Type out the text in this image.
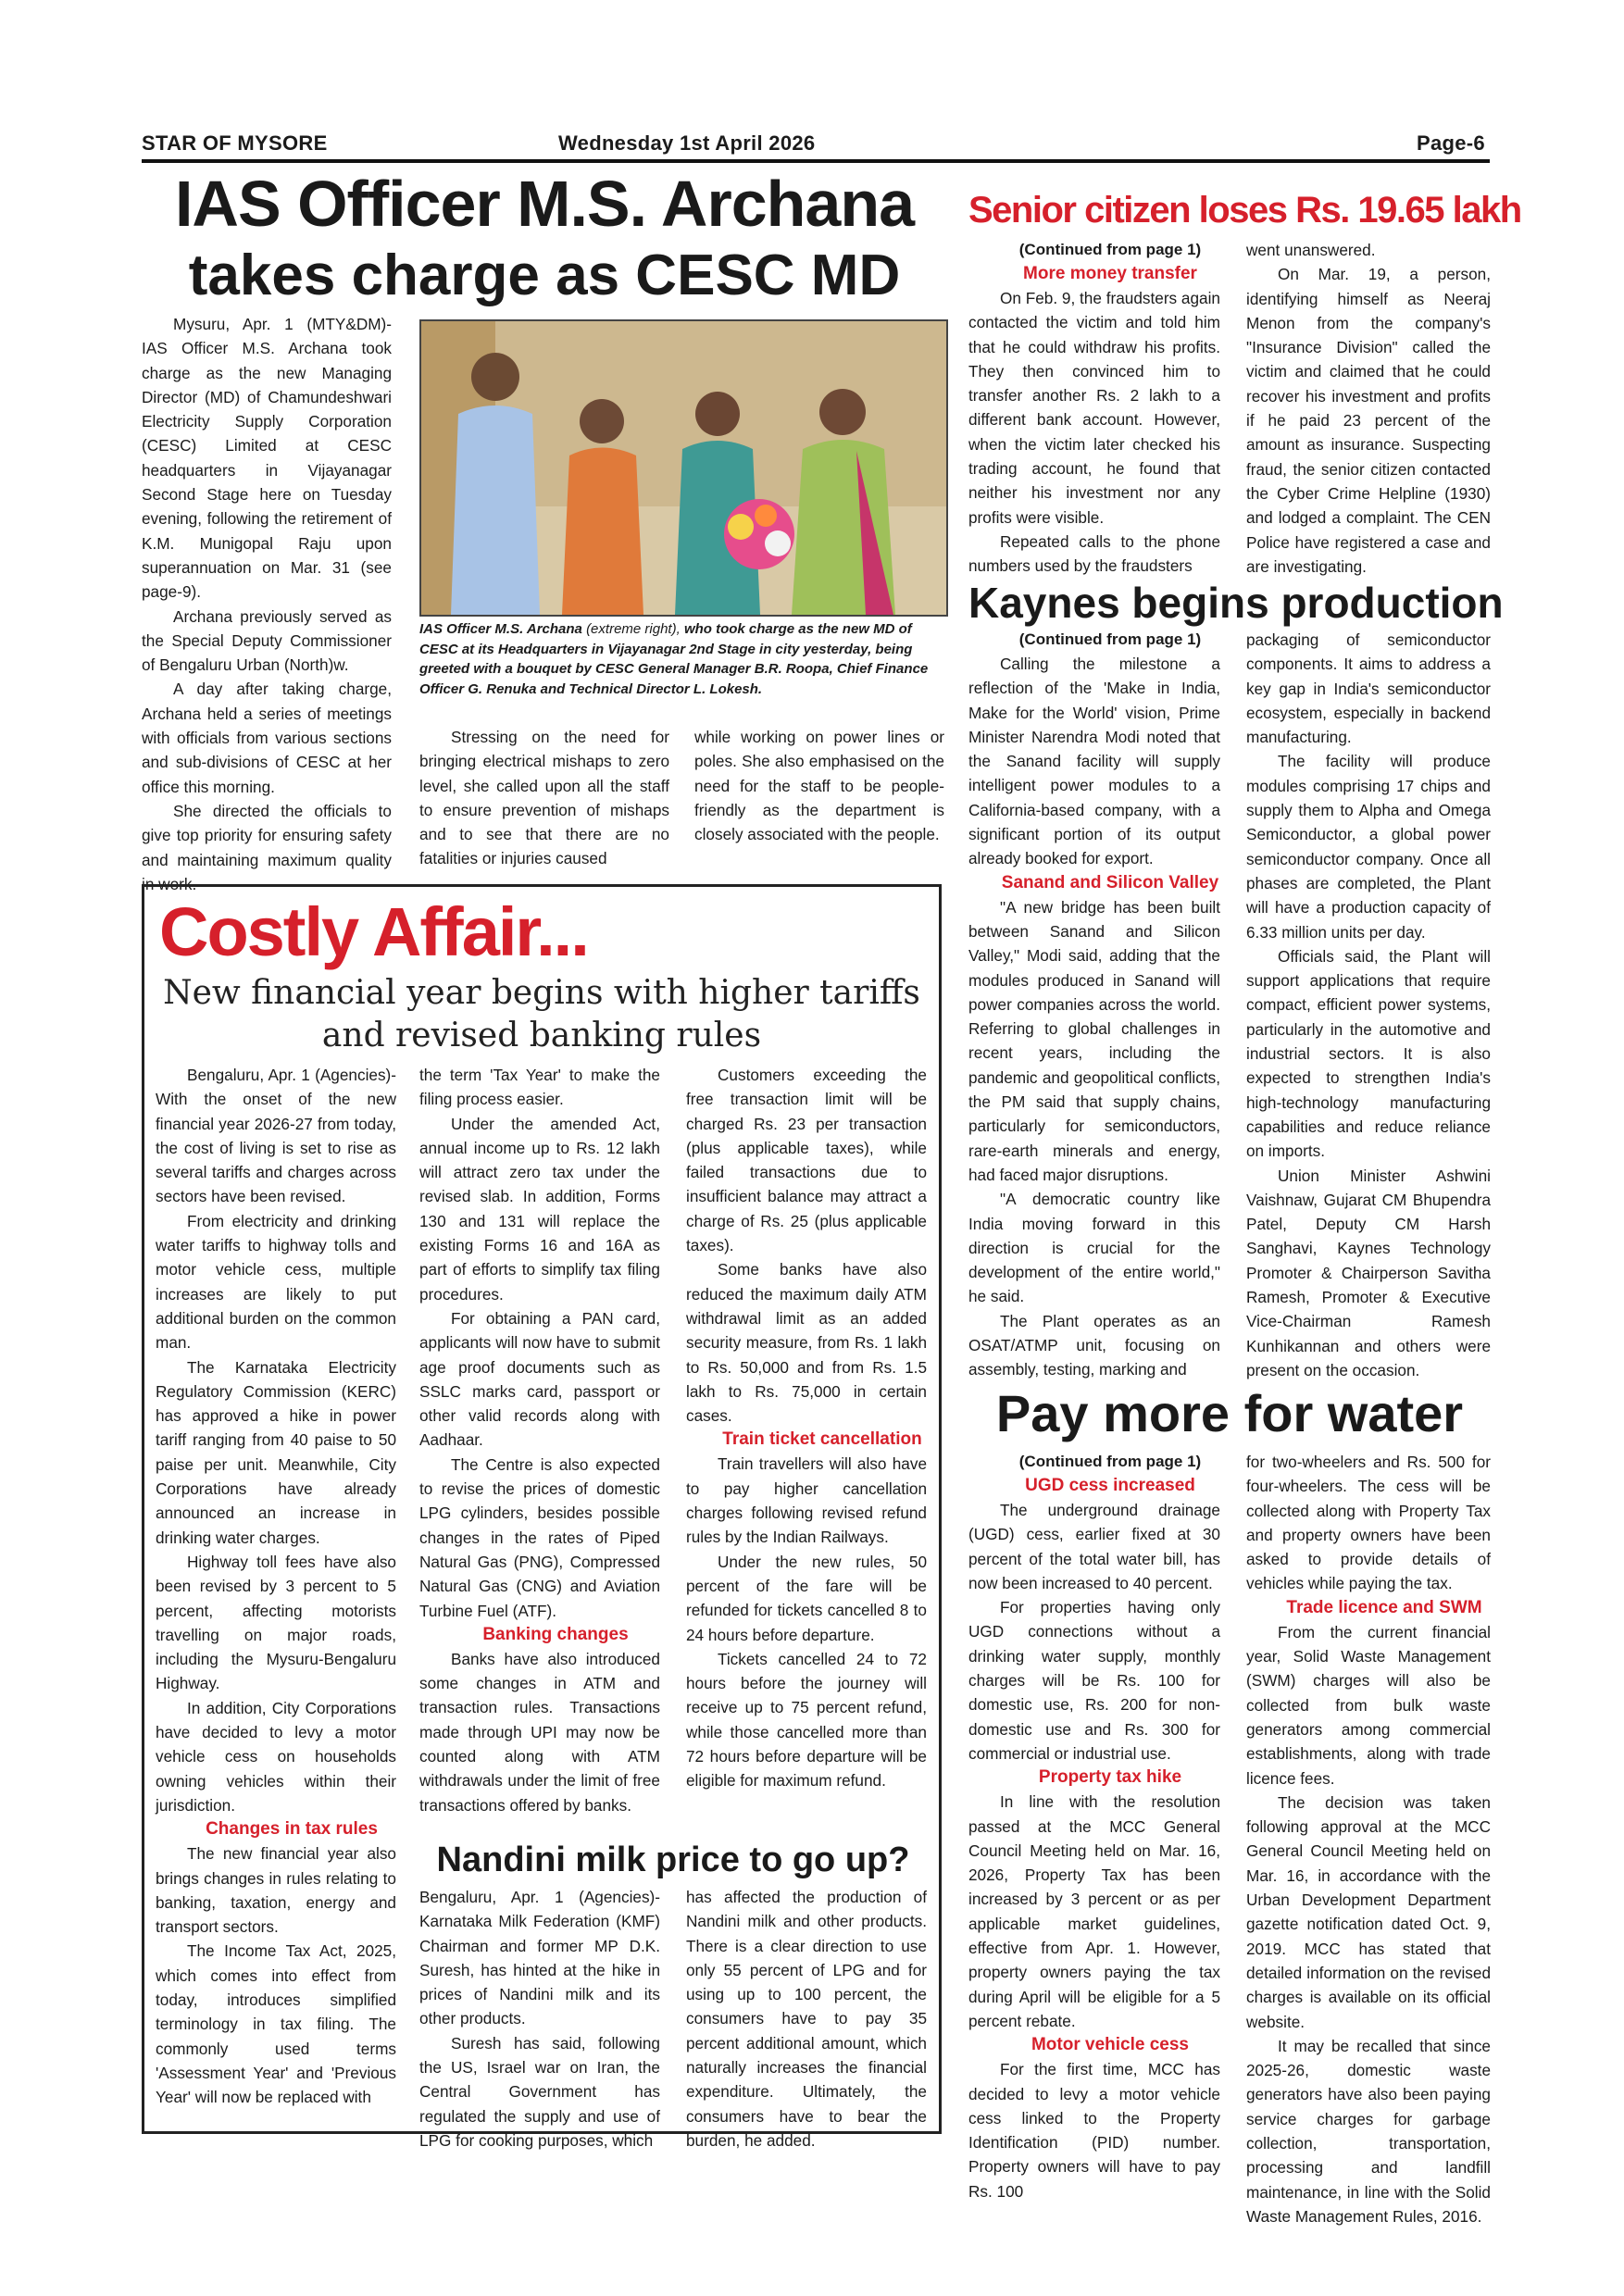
STAR OF MYSORE	Wednesday 1st April 2026	Page-6
IAS Officer M.S. Archana
takes charge as CESC MD

Mysuru, Apr. 1 (MTY&DM)- IAS Officer M.S. Archana took charge as the new Managing Director (MD) of Chamundeshwari Electricity Supply Corporation (CESC) Limited at CESC headquarters in Vijayanagar Second Stage here on Tuesday evening, following the retirement of K.M. Munigopal Raju upon superannuation on Mar. 31 (see page-9).

Archana previously served as the Special Deputy Commissioner of Bengaluru Urban (North)w.

A day after taking charge, Archana held a series of meetings with officials from various sections and sub-divisions of CESC at her office this morning.

She directed the officials to give top priority for ensuring safety and maintaining maximum quality in work.

IAS Officer M.S. Archana (extreme right), who took charge as the new MD of CESC at its Headquarters in Vijayanagar 2nd Stage in city yesterday, being greeted with a bouquet by CESC General Manager B.R. Roopa, Chief Finance Officer G. Renuka and Technical Director L. Lokesh.

Stressing on the need for bringing electrical mishaps to zero level, she called upon all the staff to ensure prevention of mishaps and to see that there are no fatalities or injuries caused

while working on power lines or poles. She also emphasised on the need for the staff to be people-friendly as the department is closely associated with the people.

Senior citizen loses Rs. 19.65 lakh

(Continued from page 1)

More money transfer

On Feb. 9, the fraudsters again contacted the victim and told him that he could withdraw his profits. They then convinced him to transfer another Rs. 2 lakh to a different bank account. However, when the victim later checked his trading account, he found that neither his investment nor any profits were visible.

Repeated calls to the phone numbers used by the fraudsters

went unanswered.

On Mar. 19, a person, identifying himself as Neeraj Menon from the company's "Insurance Division" called the victim and claimed that he could recover his investment and profits if he paid 23 percent of the amount as insurance. Suspecting fraud, the senior citizen contacted the Cyber Crime Helpline (1930) and lodged a complaint. The CEN Police have registered a case and are investigating.

Kaynes begins production

(Continued from page 1)

Calling the milestone a reflection of the 'Make in India, Make for the World' vision, Prime Minister Narendra Modi noted that the Sanand facility will supply intelligent power modules to a California-based company, with a significant portion of its output already booked for export.

Sanand and Silicon Valley

"A new bridge has been built between Sanand and Silicon Valley," Modi said, adding that the modules produced in Sanand will power companies across the world. Referring to global challenges in recent years, including the pandemic and geopolitical conflicts, the PM said that supply chains, particularly for semiconductors, rare-earth minerals and energy, had faced major disruptions.

"A democratic country like India moving forward in this direction is crucial for the development of the entire world," he said.

The Plant operates as an OSAT/ATMP unit, focusing on assembly, testing, marking and

packaging of semiconductor components. It aims to address a key gap in India's semiconductor ecosystem, especially in backend manufacturing.

The facility will produce modules comprising 17 chips and supply them to Alpha and Omega Semiconductor, a global power semiconductor company. Once all phases are completed, the Plant will have a production capacity of 6.33 million units per day.

Officials said, the Plant will support applications that require compact, efficient power systems, particularly in the automotive and industrial sectors. It is also expected to strengthen India's high-technology manufacturing capabilities and reduce reliance on imports.

Union Minister Ashwini Vaishnaw, Gujarat CM Bhupendra Patel, Deputy CM Harsh Sanghavi, Kaynes Technology Promoter & Chairperson Savitha Ramesh, Promoter & Executive Vice-Chairman Ramesh Kunhikannan and others were present on the occasion.

Pay more for water

(Continued from page 1)

UGD cess increased

The underground drainage (UGD) cess, earlier fixed at 30 percent of the total water bill, has now been increased to 40 percent.

For properties having only UGD connections without a drinking water supply, monthly charges will be Rs. 100 for domestic use, Rs. 200 for non-domestic use and Rs. 300 for commercial or industrial use.

Property tax hike

In line with the resolution passed at the MCC General Council Meeting held on Mar. 16, 2026, Property Tax has been increased by 3 percent or as per applicable market guidelines, effective from Apr. 1. However, property owners paying the tax during April will be eligible for a 5 percent rebate.

Motor vehicle cess

For the first time, MCC has decided to levy a motor vehicle cess linked to the Property Identification (PID) number. Property owners will have to pay Rs. 100

for two-wheelers and Rs. 500 for four-wheelers. The cess will be collected along with Property Tax and property owners have been asked to provide details of vehicles while paying the tax.

Trade licence and SWM

From the current financial year, Solid Waste Management (SWM) charges will also be collected from bulk waste generators among commercial establishments, along with trade licence fees.

The decision was taken following approval at the MCC General Council Meeting held on Mar. 16, in accordance with the Urban Development Department gazette notification dated Oct. 9, 2019. MCC has stated that detailed information on the revised charges is available on its official website.

It may be recalled that since 2025-26, domestic waste generators have also been paying service charges for garbage collection, transportation, processing and landfill maintenance, in line with the Solid Waste Management Rules, 2016.

Costly Affair...
New financial year begins with higher tariffs and revised banking rules

Bengaluru, Apr. 1 (Agencies)- With the onset of the new financial year 2026-27 from today, the cost of living is set to rise as several tariffs and charges across sectors have been revised.

From electricity and drinking water tariffs to highway tolls and motor vehicle cess, multiple increases are likely to put additional burden on the common man.

The Karnataka Electricity Regulatory Commission (KERC) has approved a hike in power tariff ranging from 40 paise to 50 paise per unit. Meanwhile, City Corporations have already announced an increase in drinking water charges.

Highway toll fees have also been revised by 3 percent to 5 percent, affecting motorists travelling on major roads, including the Mysuru-Bengaluru Highway.

In addition, City Corporations have decided to levy a motor vehicle cess on households owning vehicles within their jurisdiction.

Changes in tax rules

The new financial year also brings changes in rules relating to banking, taxation, energy and transport sectors.

The Income Tax Act, 2025, which comes into effect from today, introduces simplified terminology in tax filing. The commonly used terms 'Assessment Year' and 'Previous Year' will now be replaced with

the term 'Tax Year' to make the filing process easier.

Under the amended Act, annual income up to Rs. 12 lakh will attract zero tax under the revised slab. In addition, Forms 130 and 131 will replace the existing Forms 16 and 16A as part of efforts to simplify tax filing procedures.

For obtaining a PAN card, applicants will now have to submit age proof documents such as SSLC marks card, passport or other valid records along with Aadhaar.

The Centre is also expected to revise the prices of domestic LPG cylinders, besides possible changes in the rates of Piped Natural Gas (PNG), Compressed Natural Gas (CNG) and Aviation Turbine Fuel (ATF).

Banking changes

Banks have also introduced some changes in ATM and transaction rules. Transactions made through UPI may now be counted along with ATM withdrawals under the limit of free transactions offered by banks.

Customers exceeding the free transaction limit will be charged Rs. 23 per transaction (plus applicable taxes), while failed transactions due to insufficient balance may attract a charge of Rs. 25 (plus applicable taxes).

Some banks have also reduced the maximum daily ATM withdrawal limit as an added security measure, from Rs. 1 lakh to Rs. 50,000 and from Rs. 1.5 lakh to Rs. 75,000 in certain cases.

Train ticket cancellation

Train travellers will also have to pay higher cancellation charges following revised refund rules by the Indian Railways.

Under the new rules, 50 percent of the fare will be refunded for tickets cancelled 8 to 24 hours before departure.

Tickets cancelled 24 to 72 hours before the journey will receive up to 75 percent refund, while those cancelled more than 72 hours before departure will be eligible for maximum refund.

Nandini milk price to go up?

Bengaluru, Apr. 1 (Agencies)- Karnataka Milk Federation (KMF) Chairman and former MP D.K. Suresh, has hinted at the hike in prices of Nandini milk and its other products.

Suresh has said, following the US, Israel war on Iran, the Central Government has regulated the supply and use of LPG for cooking purposes, which

has affected the production of Nandini milk and other products. There is a clear direction to use only 55 percent of LPG and for using up to 100 percent, the consumers have to pay 35 percent additional amount, which naturally increases the financial expenditure. Ultimately, the consumers have to bear the burden, he added.
